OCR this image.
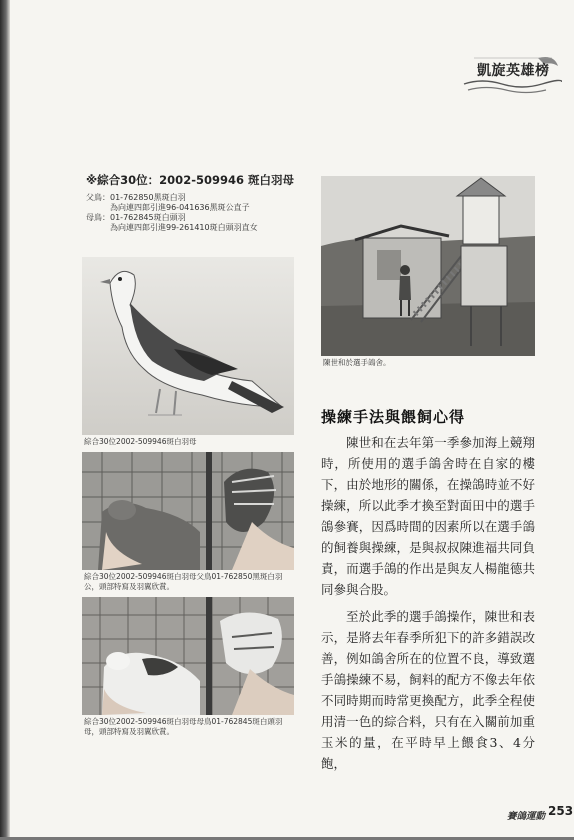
凱旋英雄榜
※綜合30位：2002-509946 斑白羽母
父鳥：01-762850黑斑白羽
為向連四郎引進96-041636黑斑公直子
母鳥：01-762845斑白頭羽
為向連四郎引進99-261410斑白頭羽直女
綜合30位2002-509946斑白羽母
綜合30位2002-509946斑白羽母父鳥01-762850黑斑白羽公，頭部特寫及羽翼欣賞。
綜合30位2002-509946斑白羽母母鳥01-762845斑白頭羽母，頭部特寫及羽翼欣賞。
陳世和於選手鴿舍。
操練手法與餵飼心得

陳世和在去年第一季參加海上競翔時，所使用的選手鴿舍時在自家的樓下，由於地形的關係，在操鴿時並不好操練，所以此季才換至對面田中的選手鴿參賽，因爲時間的因素所以在選手鴿的飼養與操練，是與叔叔陳進福共同負責，而選手鴿的作出是與友人楊龍德共同參與合股。

至於此季的選手鴿操作，陳世和表示，是將去年春季所犯下的許多錯誤改善，例如鴿舍所在的位置不良，導致選手鴿操練不易，飼料的配方不像去年依不同時期而時常更換配方，此季全程使用清一色的綜合料，只有在入關前加重玉米的量，在平時早上餵食3、4分飽，

賽鴿運動 253
